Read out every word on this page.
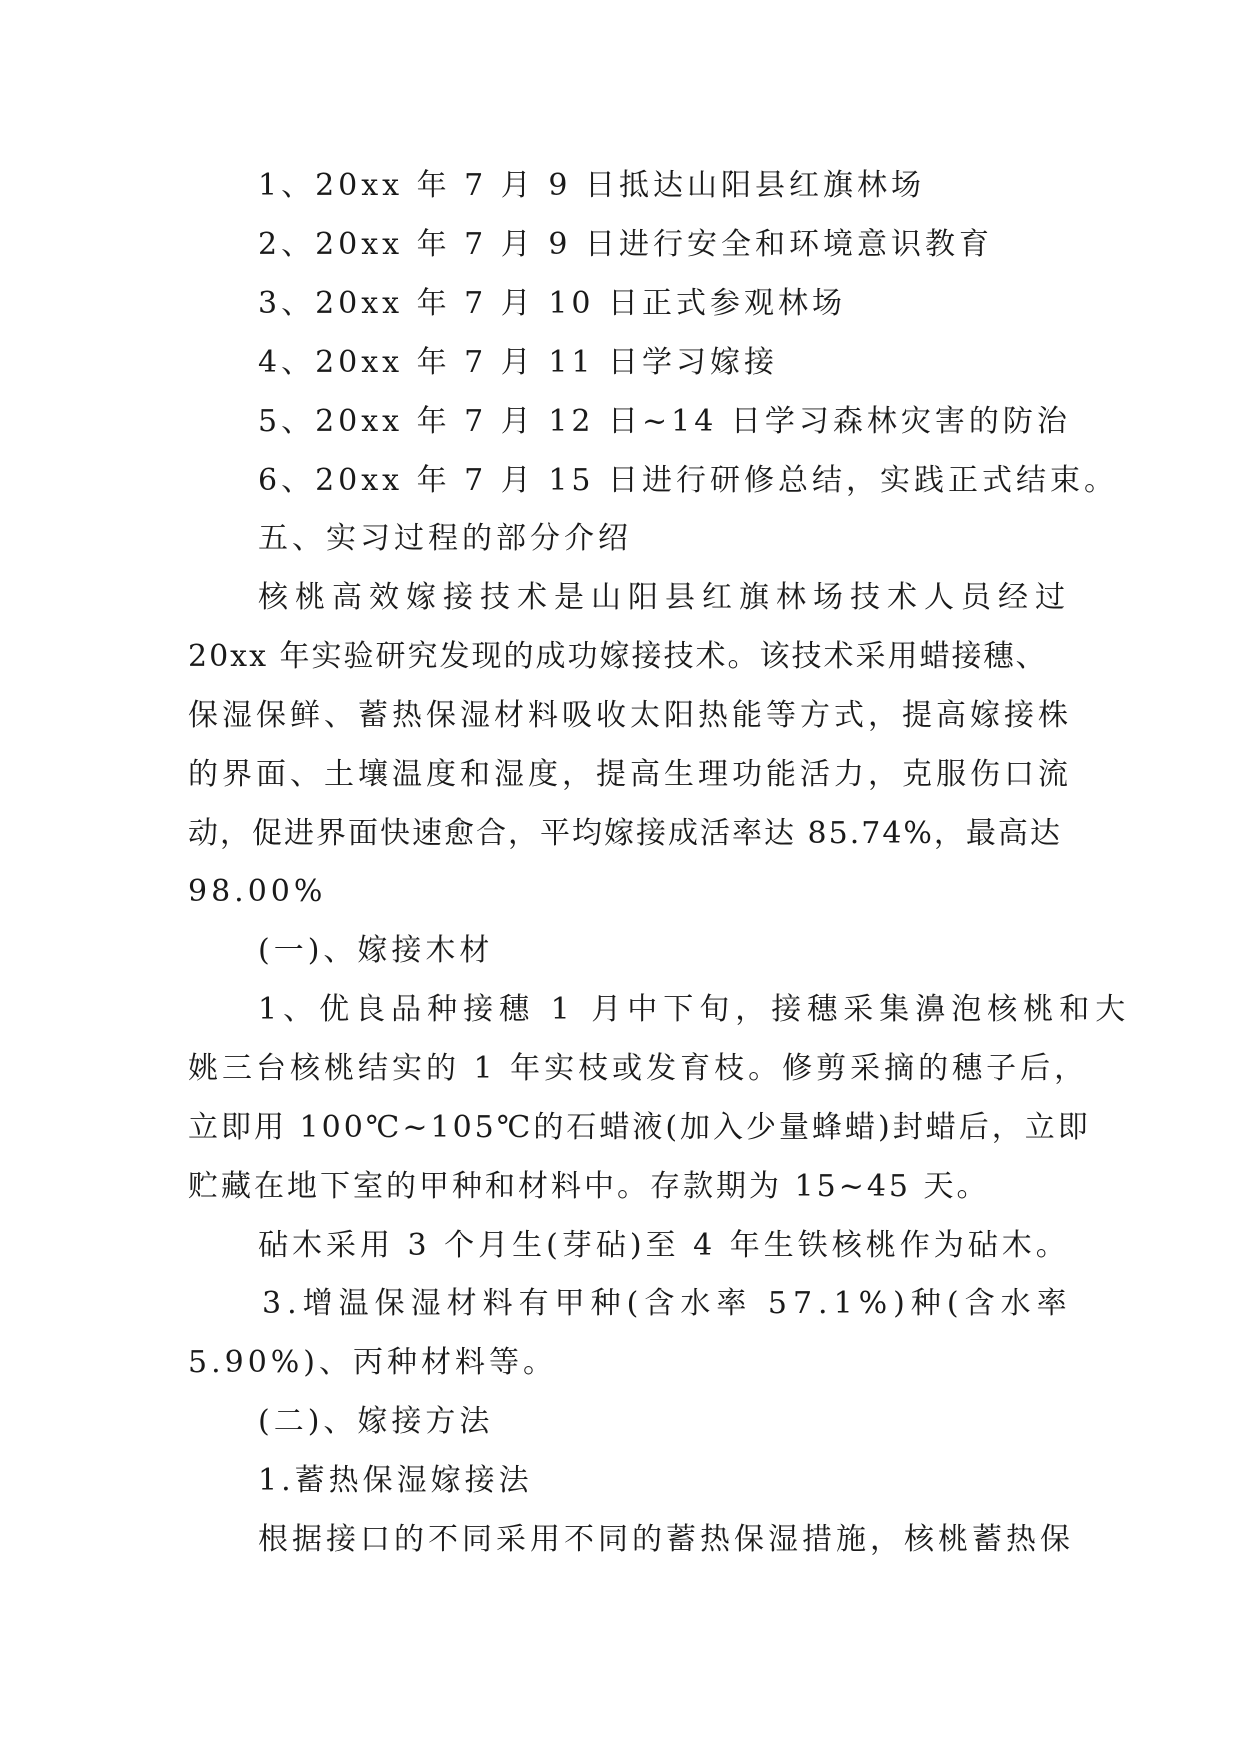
1、20xx 年 7 月 9 日抵达山阳县红旗林场
2、20xx 年 7 月 9 日进行安全和环境意识教育
3、20xx 年 7 月 10 日正式参观林场
4、20xx 年 7 月 11 日学习嫁接
5、20xx 年 7 月 12 日~14 日学习森林灾害的防治
6、20xx 年 7 月 15 日进行研修总结，实践正式结束。
五、实习过程的部分介绍
核桃高效嫁接技术是山阳县红旗林场技术人员经过
20xx 年实验研究发现的成功嫁接技术。该技术采用蜡接穗、
保湿保鲜、蓄热保湿材料吸收太阳热能等方式，提高嫁接株
的界面、土壤温度和湿度，提高生理功能活力，克服伤口流
动，促进界面快速愈合，平均嫁接成活率达 85.74%，最高达
98.00%
(一)、嫁接木材
1、优良品种接穗 1 月中下旬，接穗采集濞泡核桃和大
姚三台核桃结实的 1 年实枝或发育枝。修剪采摘的穗子后，
立即用 100℃~105℃的石蜡液(加入少量蜂蜡)封蜡后，立即
贮藏在地下室的甲种和材料中。存款期为 15~45 天。
砧木采用 3 个月生(芽砧)至 4 年生铁核桃作为砧木。
3.增温保湿材料有甲种(含水率 57.1%)种(含水率
5.90%)、丙种材料等。
(二)、嫁接方法
1.蓄热保湿嫁接法
根据接口的不同采用不同的蓄热保湿措施，核桃蓄热保
